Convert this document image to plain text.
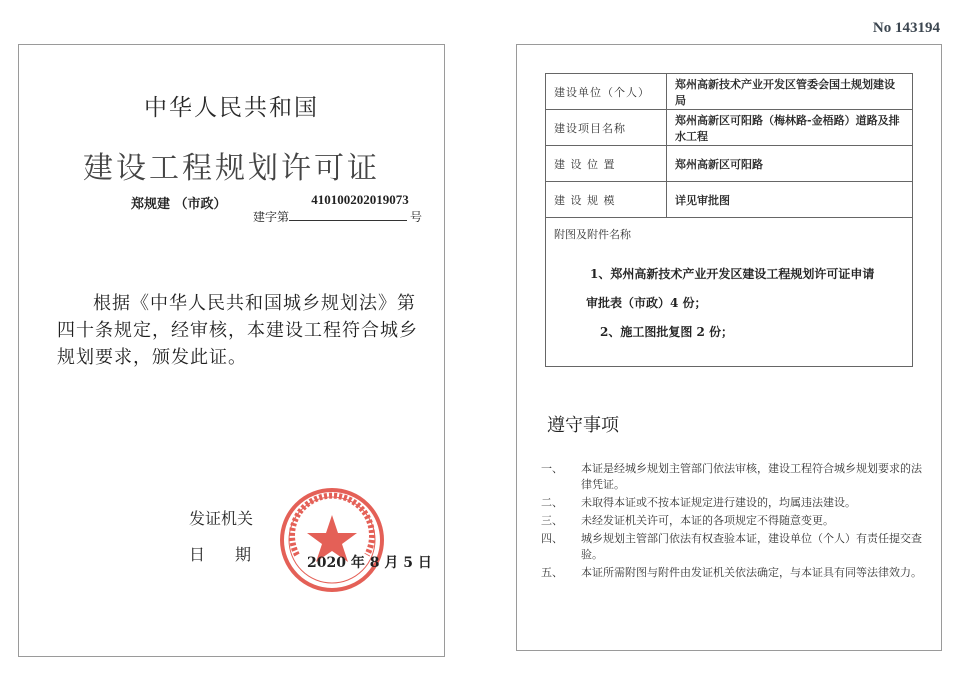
No 143194
中华人民共和国
建设工程规划许可证
郑规建 （市政）
建字第
410100202019073
号
根据《中华人民共和国城乡规划法》第四十条规定，经审核，本建设工程符合城乡规划要求，颁发此证。
发证机关
日期 2020 年 8 月 5 日
建设单位（个人）	郑州高新技术产业开发区管委会国土规划建设局
建设项目名称	郑州高新区可阳路（梅林路-金梧路）道路及排水工程
建 设 位 置	郑州高新区可阳路
建 设 规 模	详见审批图

附图及附件名称
1、郑州高新技术产业开发区建设工程规划许可证申请
审批表（市政）4 份；
2、施工图批复图 2 份；	
遵守事项
一、 本证是经城乡规划主管部门依法审核，建设工程符合城乡规划要求的法律凭证。
二、 未取得本证或不按本证规定进行建设的，均属违法建设。
三、 未经发证机关许可，本证的各项规定不得随意变更。
四、 城乡规划主管部门依法有权查验本证，建设单位（个人）有责任提交查验。
五、 本证所需附图与附件由发证机关依法确定，与本证具有同等法律效力。
